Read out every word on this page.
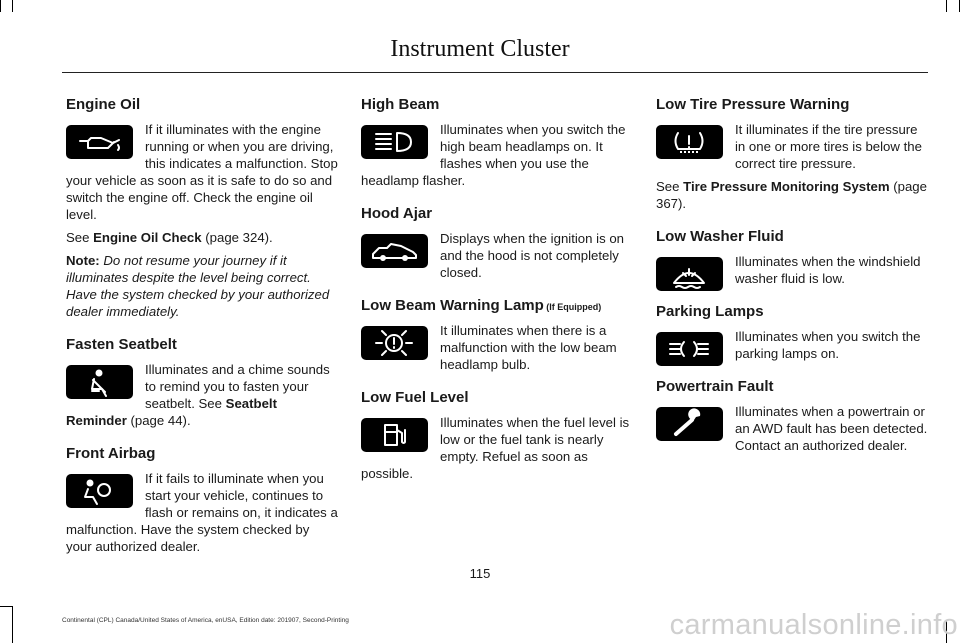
Instrument Cluster
Engine Oil
If it illuminates with the engine running or when you are driving, this indicates a malfunction. Stop your vehicle as soon as it is safe to do so and switch the engine off. Check the engine oil level.
See Engine Oil Check (page 324).
Note: Do not resume your journey if it illuminates despite the level being correct. Have the system checked by your authorized dealer immediately.
Fasten Seatbelt
Illuminates and a chime sounds to remind you to fasten your seatbelt. See Seatbelt Reminder (page 44).
Front Airbag
If it fails to illuminate when you start your vehicle, continues to flash or remains on, it indicates a malfunction. Have the system checked by your authorized dealer.
High Beam
Illuminates when you switch the high beam headlamps on. It flashes when you use the headlamp flasher.
Hood Ajar
Displays when the ignition is on and the hood is not completely closed.
Low Beam Warning Lamp (If Equipped)
It illuminates when there is a malfunction with the low beam headlamp bulb.
Low Fuel Level
Illuminates when the fuel level is low or the fuel tank is nearly empty. Refuel as soon as possible.
Low Tire Pressure Warning
It illuminates if the tire pressure in one or more tires is below the correct tire pressure.
See Tire Pressure Monitoring System (page 367).
Low Washer Fluid
Illuminates when the windshield washer fluid is low.
Parking Lamps
Illuminates when you switch the parking lamps on.
Powertrain Fault
Illuminates when a powertrain or an AWD fault has been detected. Contact an authorized dealer.
115
Continental (CPL) Canada/United States of America, enUSA, Edition date: 201907, Second-Printing	carmanualsonline.info
